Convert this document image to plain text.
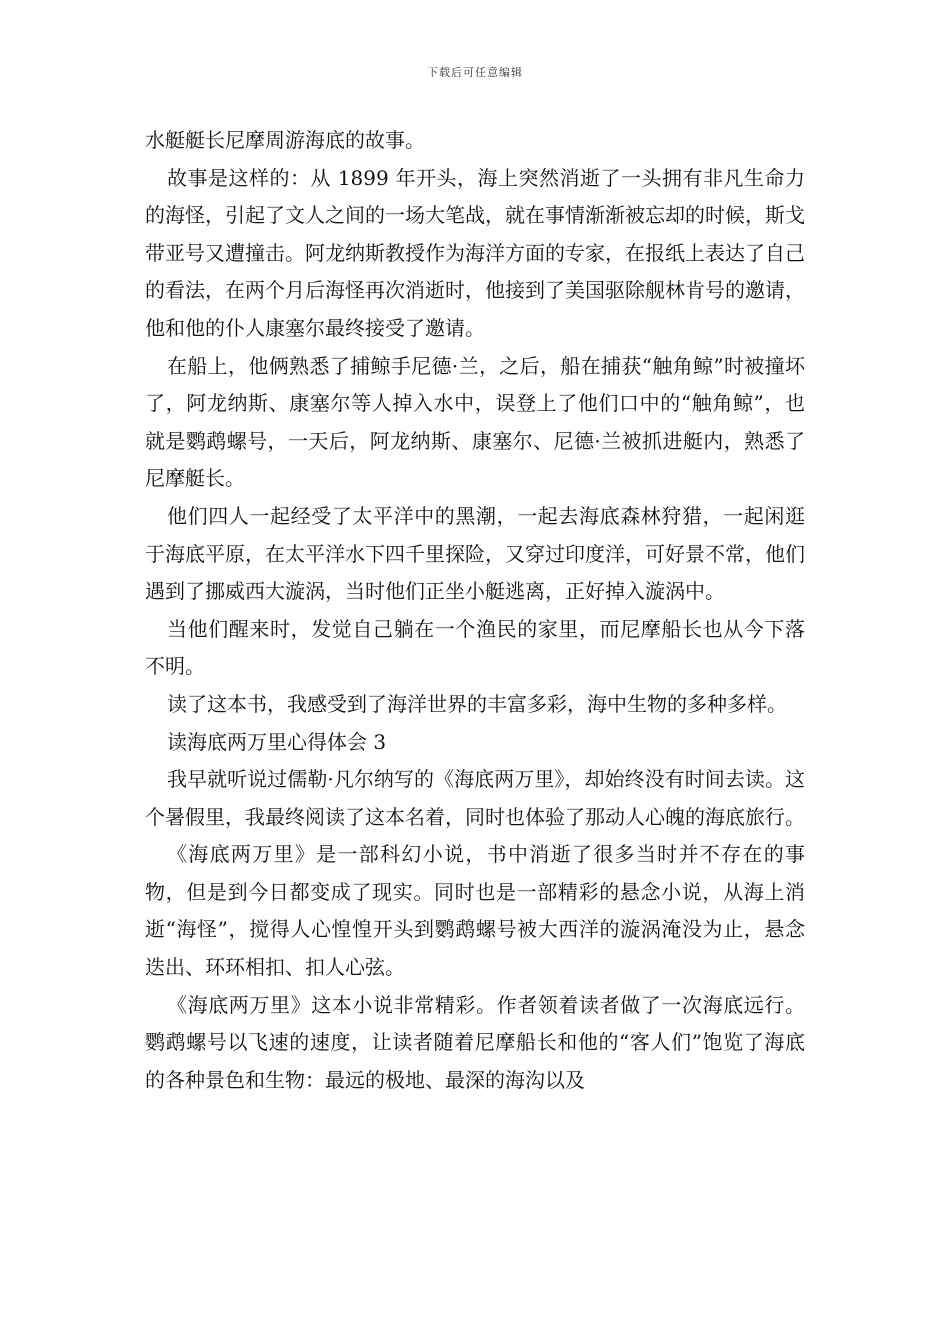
下载后可任意编辑

水艇艇长尼摩周游海底的故事。

故事是这样的：从 1899 年开头，海上突然消逝了一头拥有非凡生命力的海怪，引起了文人之间的一场大笔战，就在事情渐渐被忘却的时候，斯戈带亚号又遭撞击。阿龙纳斯教授作为海洋方面的专家，在报纸上表达了自己的看法，在两个月后海怪再次消逝时，他接到了美国驱除舰林肯号的邀请，他和他的仆人康塞尔最终接受了邀请。

在船上，他俩熟悉了捕鲸手尼德·兰，之后，船在捕获“触角鲸”时被撞坏了，阿龙纳斯、康塞尔等人掉入水中，误登上了他们口中的“触角鲸”，也就是鹦鹉螺号，一天后，阿龙纳斯、康塞尔、尼德·兰被抓进艇内，熟悉了尼摩艇长。

他们四人一起经受了太平洋中的黑潮，一起去海底森林狩猎，一起闲逛于海底平原，在太平洋水下四千里探险，又穿过印度洋，可好景不常，他们遇到了挪威西大漩涡，当时他们正坐小艇逃离，正好掉入漩涡中。

当他们醒来时，发觉自己躺在一个渔民的家里，而尼摩船长也从今下落不明。

读了这本书，我感受到了海洋世界的丰富多彩，海中生物的多种多样。

读海底两万里心得体会 3

我早就听说过儒勒·凡尔纳写的《海底两万里》，却始终没有时间去读。这个暑假里，我最终阅读了这本名着，同时也体验了那动人心魄的海底旅行。

《海底两万里》是一部科幻小说，书中消逝了很多当时并不存在的事物，但是到今日都变成了现实。同时也是一部精彩的悬念小说，从海上消逝“海怪”，搅得人心惶惶开头到鹦鹉螺号被大西洋的漩涡淹没为止，悬念迭出、环环相扣、扣人心弦。

《海底两万里》这本小说非常精彩。作者领着读者做了一次海底远行。鹦鹉螺号以飞速的速度，让读者随着尼摩船长和他的“客人们”饱览了海底的各种景色和生物：最远的极地、最深的海沟以及
